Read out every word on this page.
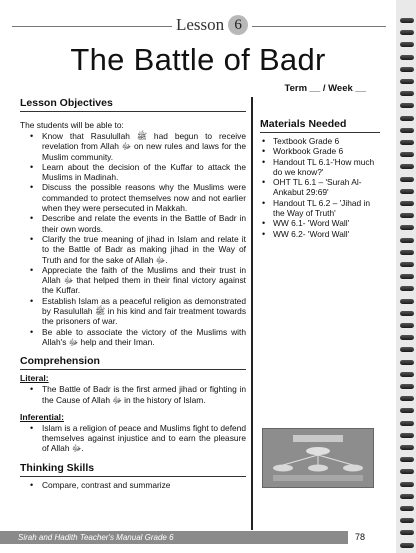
Lesson 6
The Battle of Badr
Term __ / Week __
Lesson Objectives
The students will be able to:
• Know that Rasulullah ﷺ had begun to receive revelation from Allah ﷻ on new rules and laws for the Muslim community.
• Learn about the decision of the Kuffar to attack the Muslims in Madinah.
• Discuss the possible reasons why the Muslims were commanded to protect themselves now and not earlier when they were persecuted in Makkah.
• Describe and relate the events in the Battle of Badr in their own words.
• Clarify the true meaning of jihad in Islam and relate it to the Battle of Badr as making jihad in the Way of Truth and for the sake of Allah ﷻ.
• Appreciate the faith of the Muslims and their trust in Allah ﷻ that helped them in their final victory against the Kuffar.
• Establish Islam as a peaceful religion as demonstrated by Rasulullah ﷺ in his kind and fair treatment towards the prisoners of war.
• Be able to associate the victory of the Muslims with Allah's ﷻ help and their Iman.
Comprehension
Literal:
• The Battle of Badr is the first armed jihad or fighting in the Cause of Allah ﷻ in the history of Islam.
Inferential:
• Islam is a religion of peace and Muslims fight to defend themselves against injustice and to earn the pleasure of Allah ﷻ.
Thinking Skills
• Compare, contrast and summarize
Materials Needed
• Textbook Grade 6
• Workbook Grade 6
• Handout TL 6.1-'How much do we know?'
• OHT TL 6.1 – 'Surah Al-Ankabut 29:69'
• Handout TL 6.2 – 'Jihad in the Way of Truth'
• WW 6.1- 'Word Wall'
• WW 6.2- 'Word Wall'
Sirah and Hadith Teacher's Manual Grade 6	78
